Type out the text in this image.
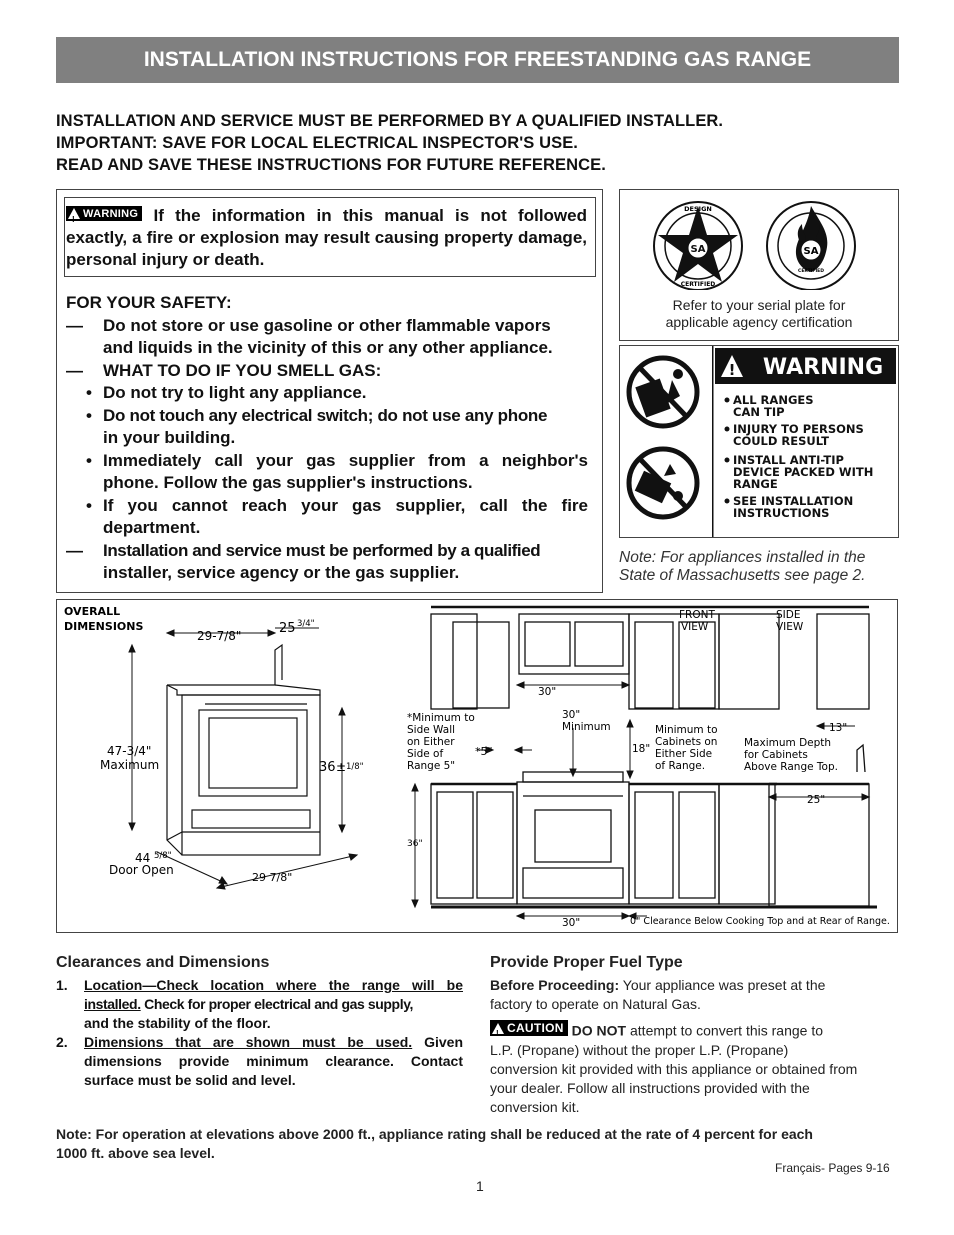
INSTALLATION INSTRUCTIONS FOR FREESTANDING GAS RANGE
INSTALLATION AND SERVICE MUST BE PERFORMED BY A QUALIFIED INSTALLER.
IMPORTANT: SAVE FOR LOCAL ELECTRICAL INSPECTOR'S USE.
READ AND SAVE THESE INSTRUCTIONS FOR FUTURE REFERENCE.
!
WARNING If the information in this manual is not followed exactly, a fire or explosion may result causing property damage, personal injury or death.
FOR YOUR SAFETY:
— Do not store or use gasoline or other flammable vapors
and liquids in the vicinity of this or any other appliance.
— WHAT TO DO IF YOU SMELL GAS:
• Do not try to light any appliance.
• Do not touch any electrical switch; do not use any phone
in your building.
• Immediately call your gas supplier from a neighbor's
phone. Follow the gas supplier's instructions.
• If you cannot reach your gas supplier, call the fire
department.
— Installation and service must be performed by a qualified
installer, service agency or the gas supplier.
SA
DESIGN
CERTIFIED
SA
CERTIFIED
Refer to your serial plate for
applicable agency certification
! WARNING
ALL RANGES
CAN TIP
INJURY TO PERSONS
COULD RESULT
INSTALL ANTI-TIP
DEVICE PACKED WITH
RANGE
SEE INSTALLATION
INSTRUCTIONS
Note: For appliances installed in the
State of Massachusetts see page 2.
OVERALL
DIMENSIONS
29-7/8"	25 3/4"
47-3/4"
Maximum	36 ± 1/8"
44 5/8"
Door Open
29 7/8"
FRONT
VIEW
30"
30"
Minimum
*Minimum to
Side Wall
on Either
Side of
Range 5"
*5"	18"
Minimum to
Cabinets on
Either Side
of Range.
36"
30"	0" Clearance Below Cooking Top and at Rear of Range.
SIDE
VIEW
13"
Maximum Depth
for Cabinets
Above Range Top.
25"
Clearances and Dimensions
1. Location—Check location where the range will be
installed. Check for proper electrical and gas supply,
and the stability of the floor.
2. Dimensions that are shown must be used. Given
dimensions provide minimum clearance. Contact
surface must be solid and level.
Provide Proper Fuel Type
Before Proceeding: Your appliance was preset at the
factory to operate on Natural Gas.
!
CAUTION DO NOT attempt to convert this range to
L.P. (Propane) without the proper L.P. (Propane)
conversion kit provided with this appliance or obtained from
your dealer. Follow all instructions provided with the
conversion kit.
Note: For operation at elevations above 2000 ft., appliance rating shall be reduced at the rate of 4 percent for each
1000 ft. above sea level.
Français- Pages 9-16
1
